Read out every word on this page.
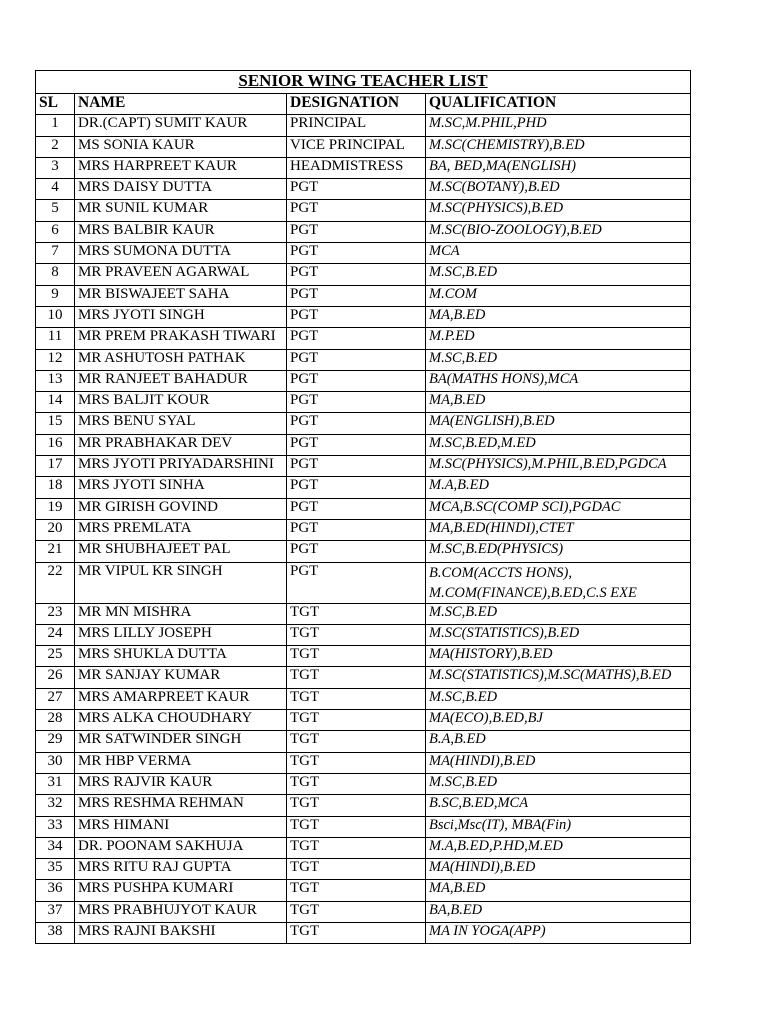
SENIOR WING TEACHER LIST			
SL	NAME	DESIGNATION	QUALIFICATION
1	DR.(CAPT) SUMIT KAUR	PRINCIPAL	M.SC,M.PHIL,PHD
2	MS SONIA KAUR	VICE PRINCIPAL	M.SC(CHEMISTRY),B.ED
3	MRS HARPREET KAUR	HEADMISTRESS	BA, BED,MA(ENGLISH)
4	MRS DAISY DUTTA	PGT	M.SC(BOTANY),B.ED
5	MR SUNIL KUMAR	PGT	M.SC(PHYSICS),B.ED
6	MRS BALBIR KAUR	PGT	M.SC(BIO-ZOOLOGY),B.ED
7	MRS SUMONA DUTTA	PGT	MCA
8	MR PRAVEEN AGARWAL	PGT	M.SC,B.ED
9	MR BISWAJEET SAHA	PGT	M.COM
10	MRS JYOTI SINGH	PGT	MA,B.ED
11	MR PREM PRAKASH TIWARI	PGT	M.P.ED
12	MR ASHUTOSH PATHAK	PGT	M.SC,B.ED
13	MR RANJEET BAHADUR	PGT	BA(MATHS HONS),MCA
14	MRS BALJIT KOUR	PGT	MA,B.ED
15	MRS BENU SYAL	PGT	MA(ENGLISH),B.ED
16	MR PRABHAKAR DEV	PGT	M.SC,B.ED,M.ED
17	MRS JYOTI PRIYADARSHINI	PGT	M.SC(PHYSICS),M.PHIL,B.ED,PGDCA
18	MRS JYOTI SINHA	PGT	M.A,B.ED
19	MR GIRISH GOVIND	PGT	MCA,B.SC(COMP SCI),PGDAC
20	MRS PREMLATA	PGT	MA,B.ED(HINDI),CTET
21	MR SHUBHAJEET PAL	PGT	M.SC,B.ED(PHYSICS)
22	MR VIPUL KR SINGH	PGT	B.COM(ACCTS HONS), M.COM(FINANCE),B.ED,C.S EXE
23	MR MN MISHRA	TGT	M.SC,B.ED
24	MRS LILLY JOSEPH	TGT	M.SC(STATISTICS),B.ED
25	MRS SHUKLA DUTTA	TGT	MA(HISTORY),B.ED
26	MR SANJAY KUMAR	TGT	M.SC(STATISTICS),M.SC(MATHS),B.ED
27	MRS AMARPREET KAUR	TGT	M.SC,B.ED
28	MRS ALKA CHOUDHARY	TGT	MA(ECO),B.ED,BJ
29	MR SATWINDER SINGH	TGT	B.A,B.ED
30	MR HBP VERMA	TGT	MA(HINDI),B.ED
31	MRS RAJVIR KAUR	TGT	M.SC,B.ED
32	MRS RESHMA REHMAN	TGT	B.SC,B.ED,MCA
33	MRS HIMANI	TGT	Bsci,Msc(IT), MBA(Fin)
34	DR. POONAM SAKHUJA	TGT	M.A,B.ED,P.HD,M.ED
35	MRS RITU RAJ GUPTA	TGT	MA(HINDI),B.ED
36	MRS PUSHPA KUMARI	TGT	MA,B.ED
37	MRS PRABHUJYOT KAUR	TGT	BA,B.ED
38	MRS RAJNI BAKSHI	TGT	MA IN YOGA(APP)
